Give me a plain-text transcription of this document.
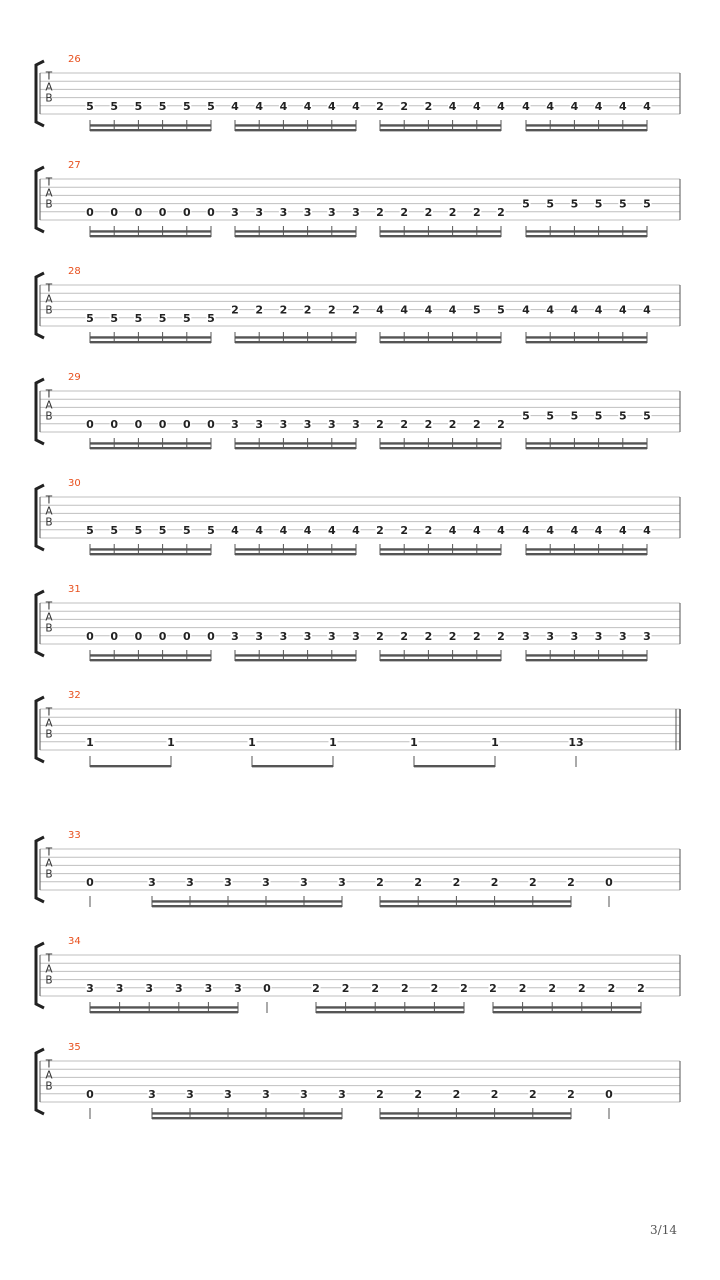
26
T
A
B
5 5 5 5 5 5 4 4 4 4 4 4 2 2 2 4 4 4 4 4 4 4 4 4
27
T
A
B
0 0 0 0 0 0 3 3 3 3 3 3 2 2 2 2 2 2
5 5 5 5 5 5
28
T
A
B
5 5 5 5 5 5
2 2 2 2 2 2 4 4 4 4 5 5 4 4 4 4 4 4
29
T
A
B
0 0 0 0 0 0 3 3 3 3 3 3 2 2 2 2 2 2
5 5 5 5 5 5
30
T
A
B
5 5 5 5 5 5 4 4 4 4 4 4 2 2 2 4 4 4 4 4 4 4 4 4
31
T
A
B
0 0 0 0 0 0 3 3 3 3 3 3 2 2 2 2 2 2 3 3 3 3 3 3
32
T
A
B
1	1	1	1	1	1	13
33
T
A
B
0	3	3	3	3	3	3	2	2	2	2	2	2	0
34
T
A
B
3 3 3 3 3 3 0	2 2 2 2 2 2 2 2 2 2 2 2
35
T
A
B
0	3	3	3	3	3	3	2	2	2	2	2	2	0
3/14
